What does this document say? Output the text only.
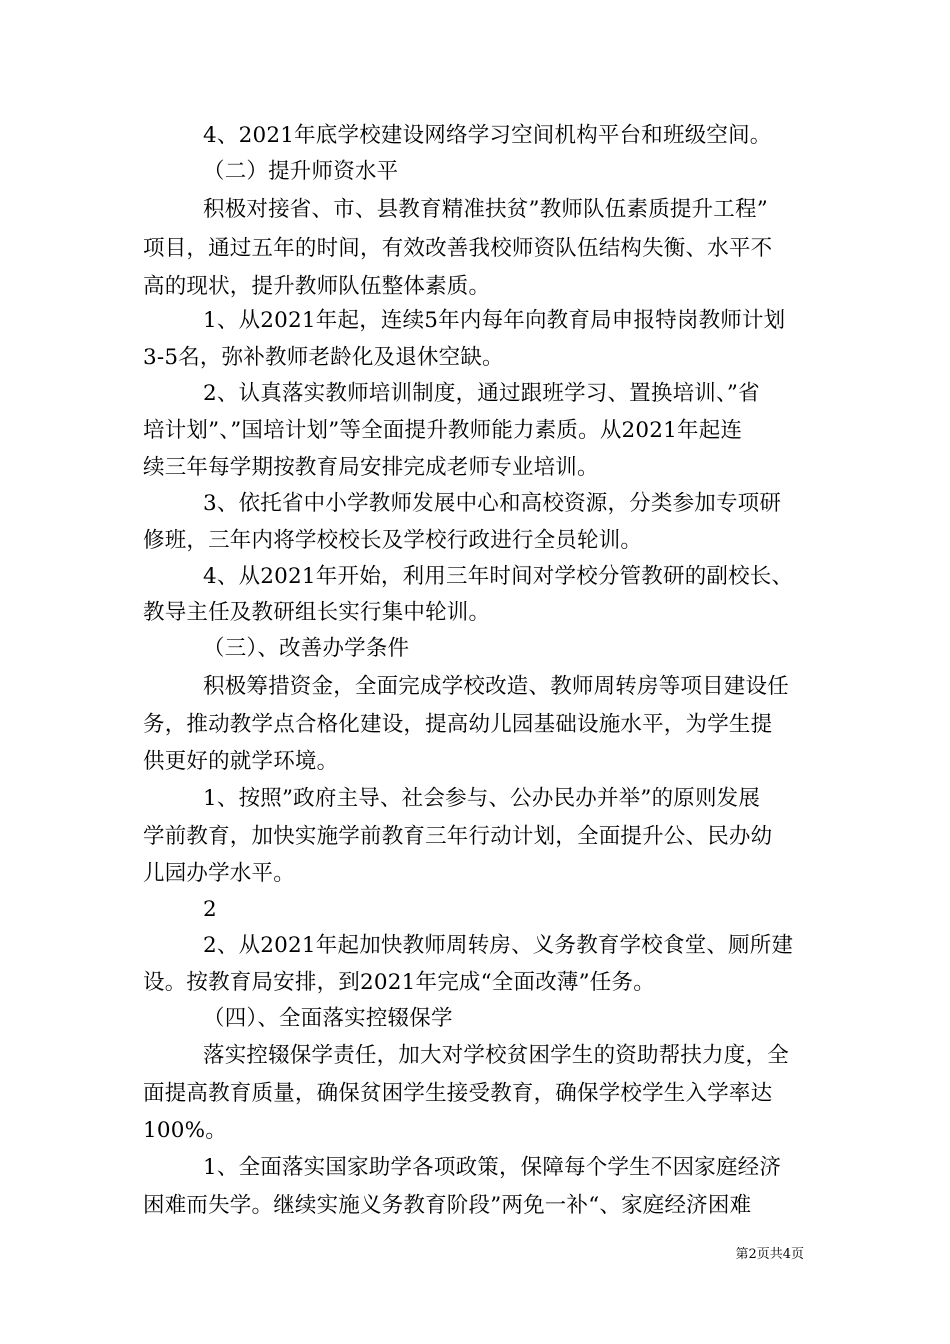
4、2021年底学校建设网络学习空间机构平台和班级空间。

（二）提升师资水平

积极对接省、市、县教育精准扶贫”教师队伍素质提升工程”

项目，通过五年的时间，有效改善我校师资队伍结构失衡、水平不

高的现状，提升教师队伍整体素质。

1、从2021年起，连续5年内每年向教育局申报特岗教师计划

3-5名，弥补教师老龄化及退休空缺。

2、认真落实教师培训制度，通过跟班学习、置换培训、”省

培计划”、”国培计划”等全面提升教师能力素质。从2021年起连

续三年每学期按教育局安排完成老师专业培训。

3、依托省中小学教师发展中心和高校资源，分类参加专项研

修班，三年内将学校校长及学校行政进行全员轮训。

4、从2021年开始，利用三年时间对学校分管教研的副校长、

教导主任及教研组长实行集中轮训。

（三）、改善办学条件

积极筹措资金，全面完成学校改造、教师周转房等项目建设任

务，推动教学点合格化建设，提高幼儿园基础设施水平，为学生提

供更好的就学环境。

1、按照”政府主导、社会参与、公办民办并举”的原则发展

学前教育，加快实施学前教育三年行动计划，全面提升公、民办幼

儿园办学水平。

2

2、从2021年起加快教师周转房、义务教育学校食堂、厕所建

设。按教育局安排，到2021年完成“全面改薄”任务。

（四）、全面落实控辍保学

落实控辍保学责任，加大对学校贫困学生的资助帮扶力度，全

面提高教育质量，确保贫困学生接受教育，确保学校学生入学率达

100%。

1、全面落实国家助学各项政策，保障每个学生不因家庭经济

困难而失学。继续实施义务教育阶段”两免一补“、家庭经济困难

第2页共4页
